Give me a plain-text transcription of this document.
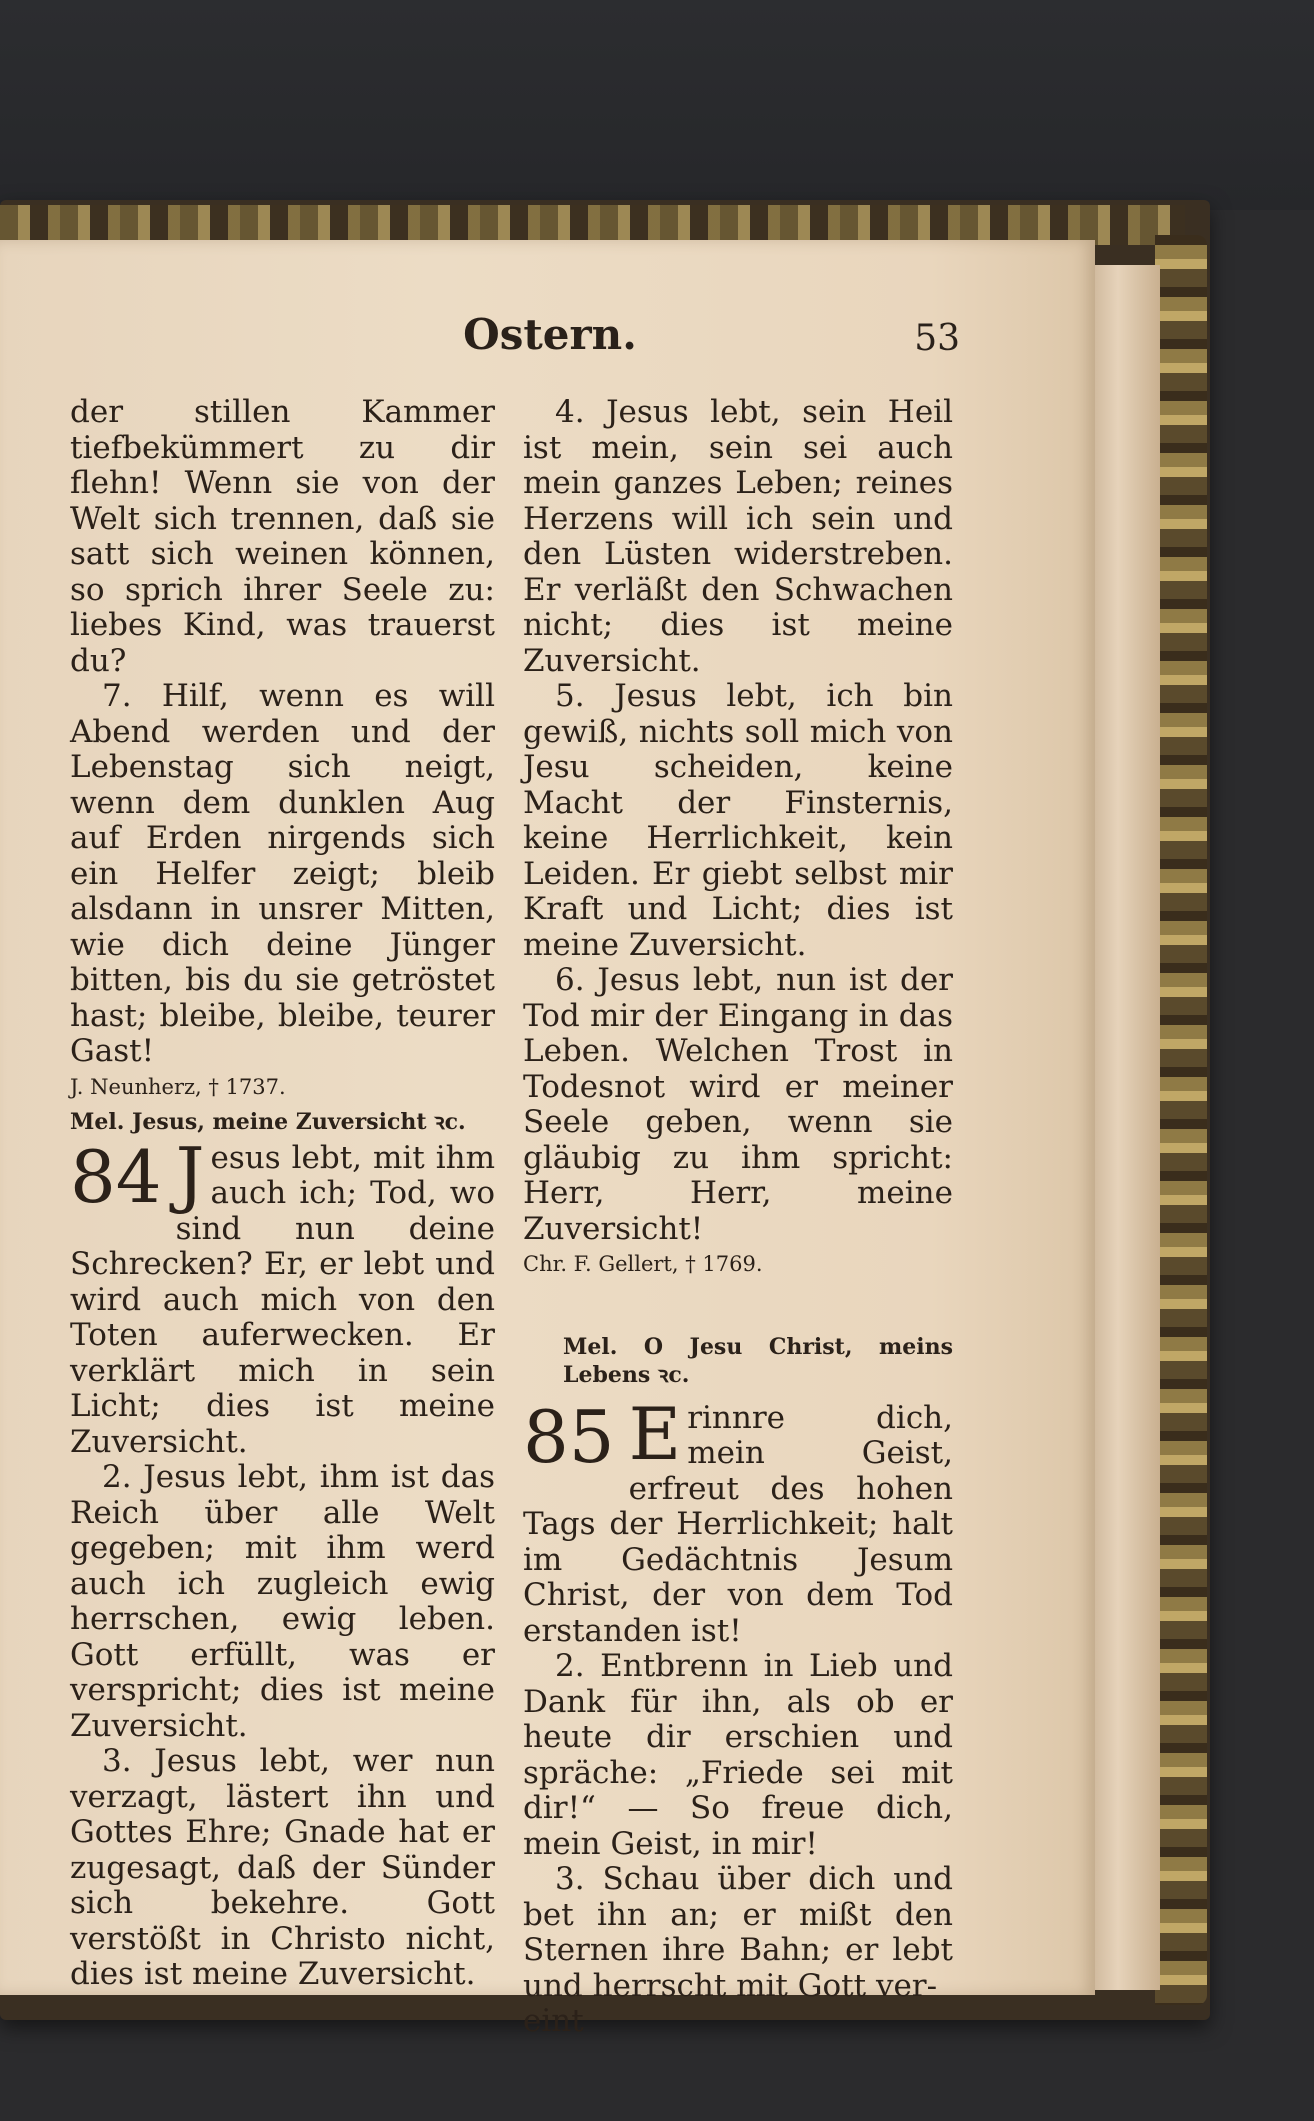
Ostern.	53

der stillen Kammer tiefbekümmert zu dir flehn! Wenn sie von der Welt sich trennen, daß sie satt sich weinen können, so sprich ihrer Seele zu: liebes Kind, was trauerst du?

7. Hilf, wenn es will Abend werden und der Lebenstag sich neigt, wenn dem dunklen Aug auf Erden nirgends sich ein Helfer zeigt; bleib alsdann in unsrer Mitten, wie dich deine Jünger bitten, bis du sie getröstet hast; bleibe, bleibe, teurer Gast!

J. Neunherz, † 1737.

Mel. Jesus, meine Zuversicht ꝛc.

84 J esus lebt, mit ihm auch ich; Tod, wo sind nun deine Schrecken? Er, er lebt und wird auch mich von den Toten auferwecken. Er verklärt mich in sein Licht; dies ist meine Zuversicht.

2. Jesus lebt, ihm ist das Reich über alle Welt gegeben; mit ihm werd auch ich zugleich ewig herrschen, ewig leben. Gott erfüllt, was er verspricht; dies ist meine Zuversicht.

3. Jesus lebt, wer nun verzagt, lästert ihn und Gottes Ehre; Gnade hat er zugesagt, daß der Sünder sich bekehre. Gott verstößt in Christo nicht, dies ist meine Zuversicht.

4. Jesus lebt, sein Heil ist mein, sein sei auch mein ganzes Leben; reines Herzens will ich sein und den Lüsten widerstreben. Er verläßt den Schwachen nicht; dies ist meine Zuversicht.

5. Jesus lebt, ich bin gewiß, nichts soll mich von Jesu scheiden, keine Macht der Finsternis, keine Herrlichkeit, kein Leiden. Er giebt selbst mir Kraft und Licht; dies ist meine Zuversicht.

6. Jesus lebt, nun ist der Tod mir der Eingang in das Leben. Welchen Trost in Todesnot wird er meiner Seele geben, wenn sie gläubig zu ihm spricht: Herr, Herr, meine Zuversicht!

Chr. F. Gellert, † 1769.

Mel. O Jesu Christ, meins Lebens ꝛc.

85 E rinnre dich, mein Geist, erfreut des hohen Tags der Herrlichkeit; halt im Gedächtnis Jesum Christ, der von dem Tod erstanden ist!

2. Entbrenn in Lieb und Dank für ihn, als ob er heute dir erschien und spräche: „Friede sei mit dir!“ — So freue dich, mein Geist, in mir!

3. Schau über dich und bet ihn an; er mißt den Sternen ihre Bahn; er lebt und herrscht mit Gott ver-

eint
